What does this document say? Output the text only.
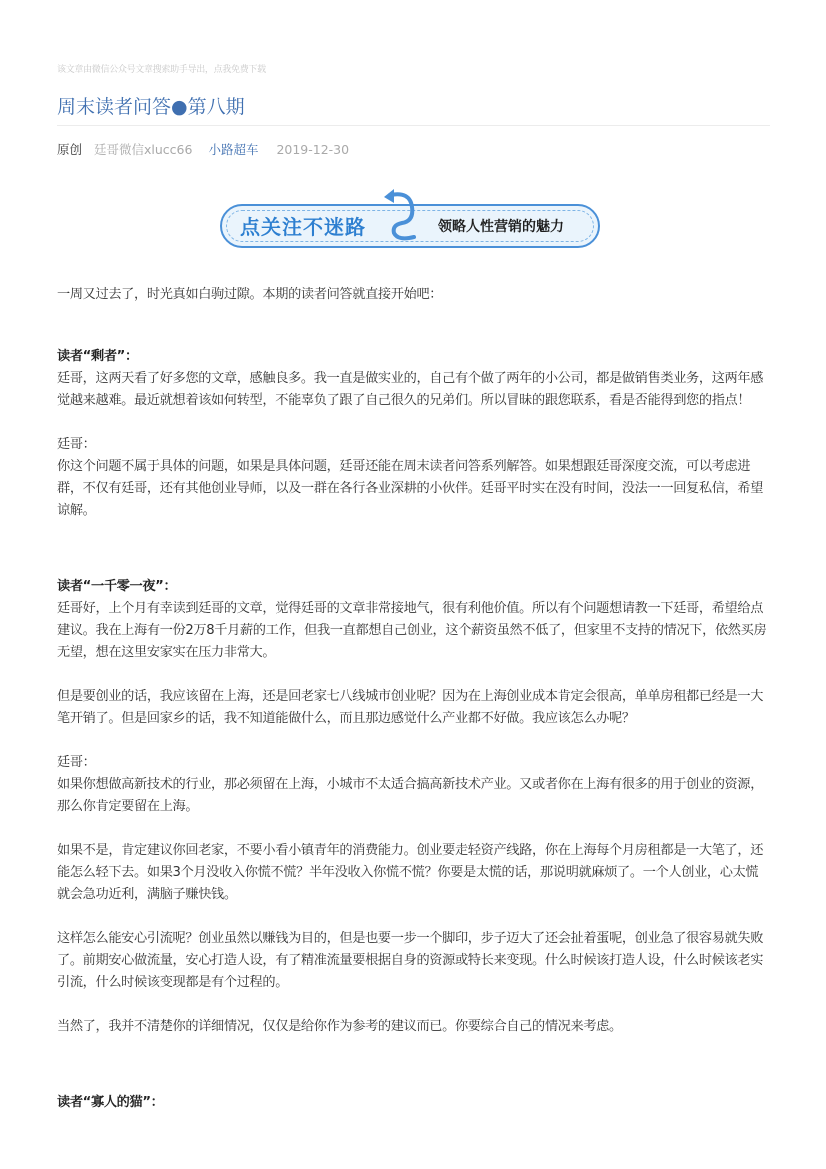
该文章由微信公众号文章搜索助手导出，点我免费下载
周末读者问答●第八期
原创 廷哥微信xlucc66 小路超车 2019-12-30
点关注不迷路	领略人性营销的魅力

一周又过去了，时光真如白驹过隙。本期的读者问答就直接开始吧：

读者“剩者”：

廷哥，这两天看了好多您的文章，感触良多。我一直是做实业的，自己有个做了两年的小公司，都是做销售类业务，这两年感觉越来越难。最近就想着该如何转型，不能辜负了跟了自己很久的兄弟们。所以冒昧的跟您联系，看是否能得到您的指点！

廷哥：

你这个问题不属于具体的问题，如果是具体问题，廷哥还能在周末读者问答系列解答。如果想跟廷哥深度交流，可以考虑进群，不仅有廷哥，还有其他创业导师，以及一群在各行各业深耕的小伙伴。廷哥平时实在没有时间，没法一一回复私信，希望谅解。

读者“一千零一夜”：

廷哥好，上个月有幸读到廷哥的文章，觉得廷哥的文章非常接地气，很有利他价值。所以有个问题想请教一下廷哥，希望给点建议。我在上海有一份2万8千月薪的工作，但我一直都想自己创业，这个薪资虽然不低了，但家里不支持的情况下，依然买房无望，想在这里安家实在压力非常大。

但是要创业的话，我应该留在上海，还是回老家七八线城市创业呢？因为在上海创业成本肯定会很高，单单房租都已经是一大笔开销了。但是回家乡的话，我不知道能做什么，而且那边感觉什么产业都不好做。我应该怎么办呢？

廷哥：

如果你想做高新技术的行业，那必须留在上海，小城市不太适合搞高新技术产业。又或者你在上海有很多的用于创业的资源，那么你肯定要留在上海。

如果不是，肯定建议你回老家，不要小看小镇青年的消费能力。创业要走轻资产线路，你在上海每个月房租都是一大笔了，还能怎么轻下去。如果3个月没收入你慌不慌？半年没收入你慌不慌？你要是太慌的话，那说明就麻烦了。一个人创业，心太慌就会急功近利，满脑子赚快钱。

这样怎么能安心引流呢？创业虽然以赚钱为目的，但是也要一步一个脚印，步子迈大了还会扯着蛋呢，创业急了很容易就失败了。前期安心做流量，安心打造人设，有了精准流量要根据自身的资源或特长来变现。什么时候该打造人设，什么时候该老实引流，什么时候该变现都是有个过程的。

当然了，我并不清楚你的详细情况，仅仅是给你作为参考的建议而已。你要综合自己的情况来考虑。

读者“寡人的猫”：
